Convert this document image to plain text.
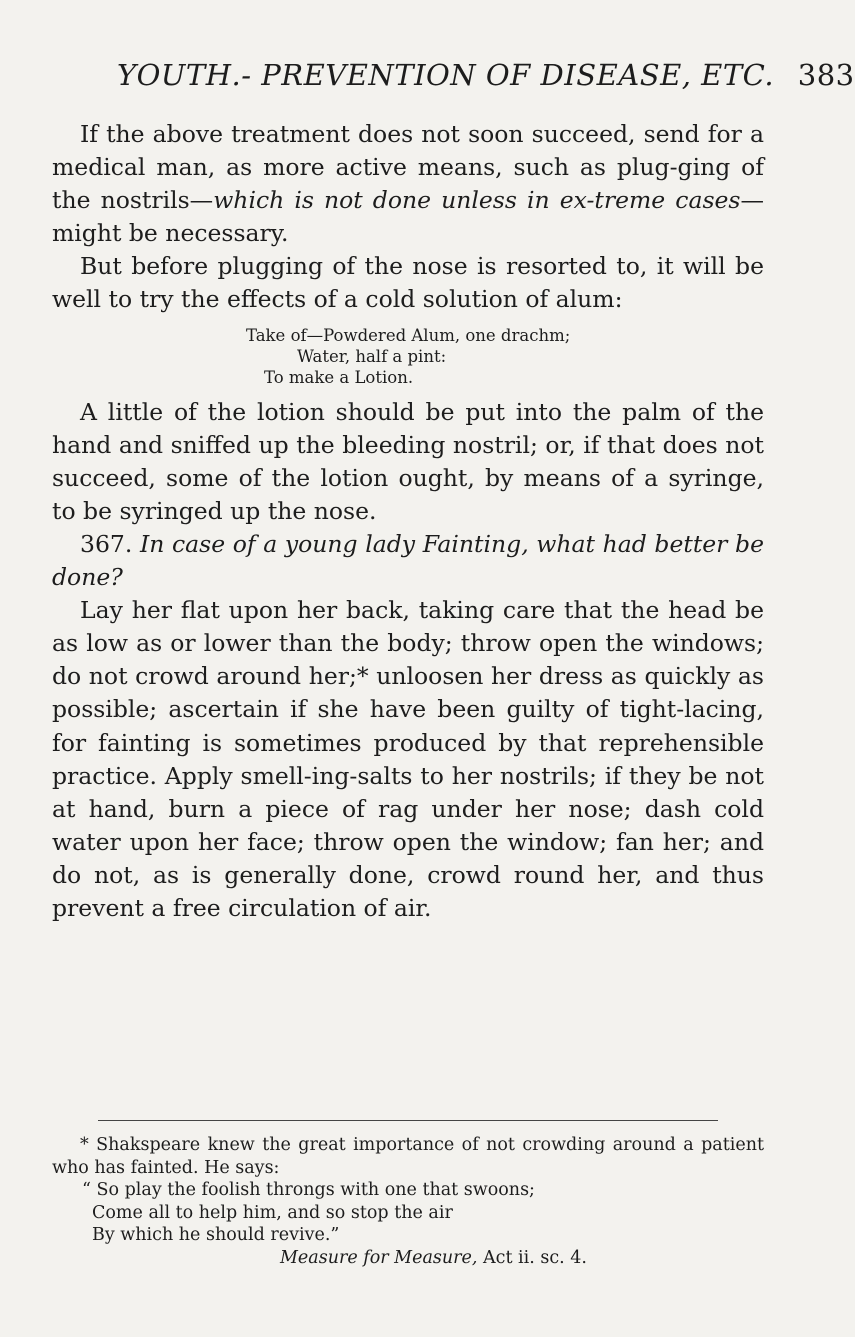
YOUTH.- PREVENTION OF DISEASE, ETC. 383

If the above treatment does not soon succeed, send for a medical man, as more active means, such as plug-ging of the nostrils—which is not done unless in ex-treme cases—might be necessary.

But before plugging of the nose is resorted to, it will be well to try the effects of a cold solution of alum:

Take of—Powdered Alum, one drachm;
Water, half a pint:
To make a Lotion.

A little of the lotion should be put into the palm of the hand and sniffed up the bleeding nostril; or, if that does not succeed, some of the lotion ought, by means of a syringe, to be syringed up the nose.

367. In case of a young lady Fainting, what had better be done?

Lay her flat upon her back, taking care that the head be as low as or lower than the body; throw open the windows; do not crowd around her;* unloosen her dress as quickly as possible; ascertain if she have been guilty of tight-lacing, for fainting is sometimes produced by that reprehensible practice. Apply smell-ing-salts to her nostrils; if they be not at hand, burn a piece of rag under her nose; dash cold water upon her face; throw open the window; fan her; and do not, as is generally done, crowd round her, and thus prevent a free circulation of air.

* Shakspeare knew the great importance of not crowding around a patient who has fainted. He says:

“ So play the foolish throngs with one that swoons;
Come all to help him, and so stop the air
By which he should revive.”
Measure for Measure, Act ii. sc. 4.
